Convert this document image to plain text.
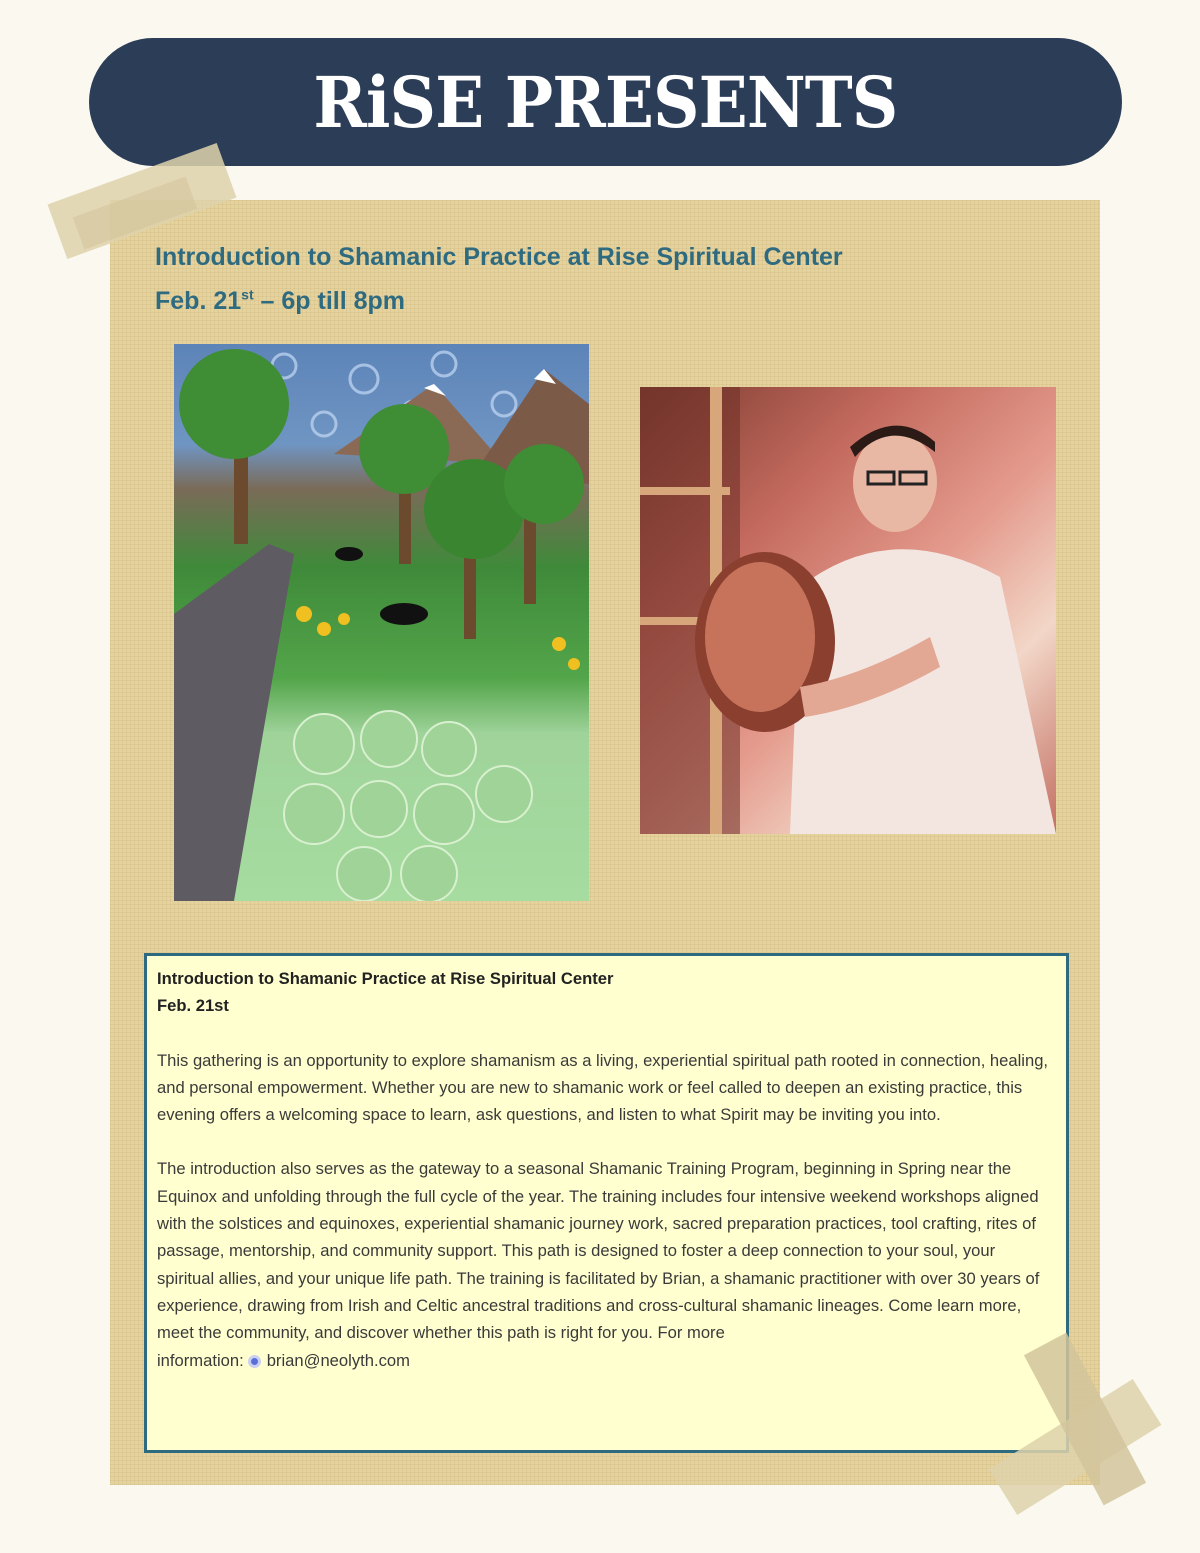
RiSE PRESENTS
Introduction to Shamanic Practice at Rise Spiritual Center
Feb. 21st – 6p till 8pm
Introduction to Shamanic Practice at Rise Spiritual Center
Feb. 21st

This gathering is an opportunity to explore shamanism as a living, experiential spiritual path rooted in connection, healing, and personal empowerment. Whether you are new to shamanic work or feel called to deepen an existing practice, this evening offers a welcoming space to learn, ask questions, and listen to what Spirit may be inviting you into.

The introduction also serves as the gateway to a seasonal Shamanic Training Program, beginning in Spring near the Equinox and unfolding through the full cycle of the year. The training includes four intensive weekend workshops aligned with the solstices and equinoxes, experiential shamanic journey work, sacred preparation practices, tool crafting, rites of passage, mentorship, and community support. This path is designed to foster a deep connection to your soul, your spiritual allies, and your unique life path. The training is facilitated by Brian, a shamanic practitioner with over 30 years of experience, drawing from Irish and Celtic ancestral traditions and cross-cultural shamanic lineages. Come learn more, meet the community, and discover whether this path is right for you. For more
information: brian@neolyth.com
